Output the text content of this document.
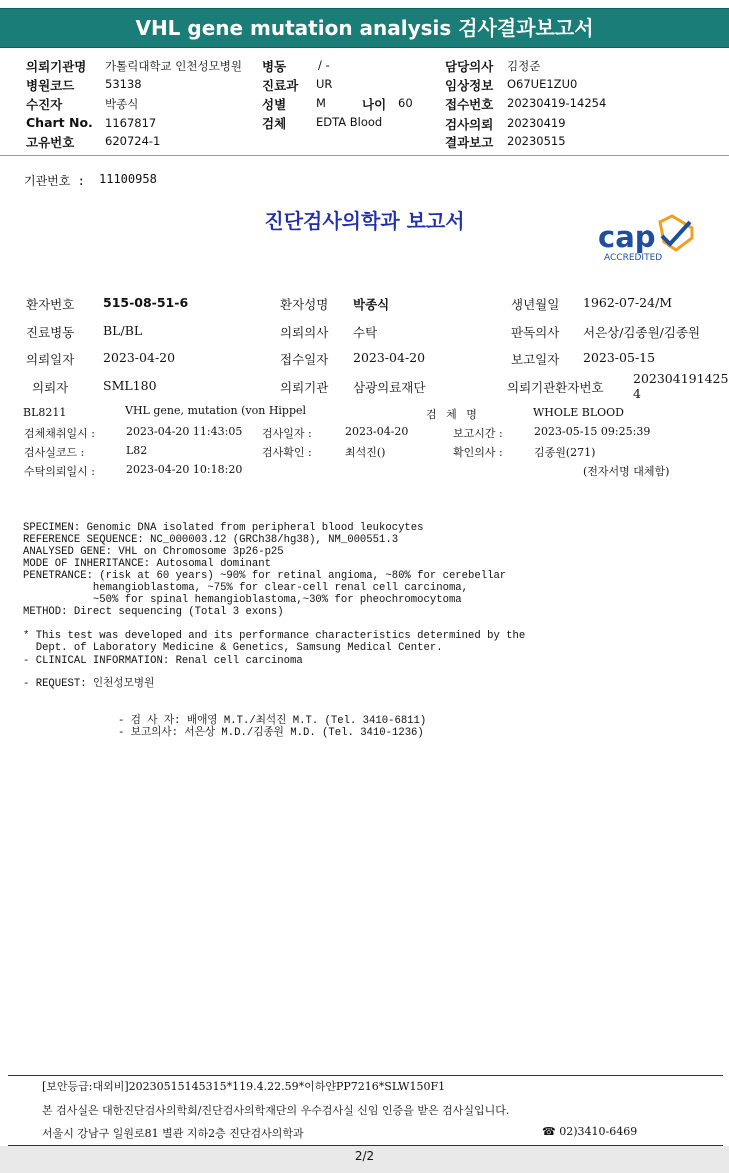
VHL gene mutation analysis 검사결과보고서
의뢰기관명 가톨릭대학교 인천성모병원
병원코드	53138
수진자	박종식
Chart No. 1167817
고유번호	620724-1
병동	/ -
진료과 UR
성별	M	나이 60
검체	EDTA Blood
담당의사 김정준
임상정보 O67UE1ZU0
접수번호 20230419-14254
검사의뢰 20230419
결과보고 20230515
기관번호 : 11100958
진단검사의학과 보고서	cap
ACCREDITED
환자번호 515-08-51-6	환자성명 박종식	생년월일 1962-07-24/M
진료병동 BL/BL	의뢰의사 수탁	판독의사 서은상/김종원/김종원
의뢰일자 2023-04-20	접수일자 2023-04-20	보고일자 2023-05-15
의뢰자	SML180	의뢰기관 삼광의료재단	의뢰기관환자번호
202304191425
4
BL8211	VHL gene, mutation (von Hippel	검 체 명	WHOLE BLOOD
검체채취일시 :	2023-04-20 11:43:05 검사일자 :	2023-04-20	보고시간 :	2023-05-15 09:25:39
검사실코드 :	L82	검사확인 :	최석진()	확인의사 :	김종원(271)
수탁의뢰일시 :	2023-04-20 10:18:20	(전자서명 대체함)

SPECIMEN: Genomic DNA isolated from peripheral blood leukocytes
REFERENCE SEQUENCE: NC_000003.12 (GRCh38/hg38), NM_000551.3
ANALYSED GENE: VHL on Chromosome 3p26-p25
MODE OF INHERITANCE: Autosomal dominant
PENETRANCE: (risk at 60 years) ~90% for retinal angioma, ~80% for cerebellar
hemangioblastoma, ~75% for clear-cell renal cell carcinoma,
~50% for spinal hemangioblastoma,~30% for pheochromocytoma
METHOD: Direct sequencing (Total 3 exons)

* This test was developed and its performance characteristics determined by the
Dept. of Laboratory Medicine & Genetics, Samsung Medical Center.

- CLINICAL INFORMATION: Renal cell carcinoma
- REQUEST: 인천성모병원

- 검 사 자: 배애영 M.T./최석진 M.T. (Tel. 3410-6811)
- 보고의사: 서은상 M.D./김종원 M.D. (Tel. 3410-1236)

[보안등급:대외비]20230515145315*119.4.22.59*이하얀PP7216*SLW150F1
본 검사실은 대한진단검사의학회/진단검사의학재단의 우수검사실 신임 인증을 받은 검사실입니다.
서울시 강남구 일원로81 별관 지하2층 진단검사의학과	☎ 02)3410-6469
2/2
